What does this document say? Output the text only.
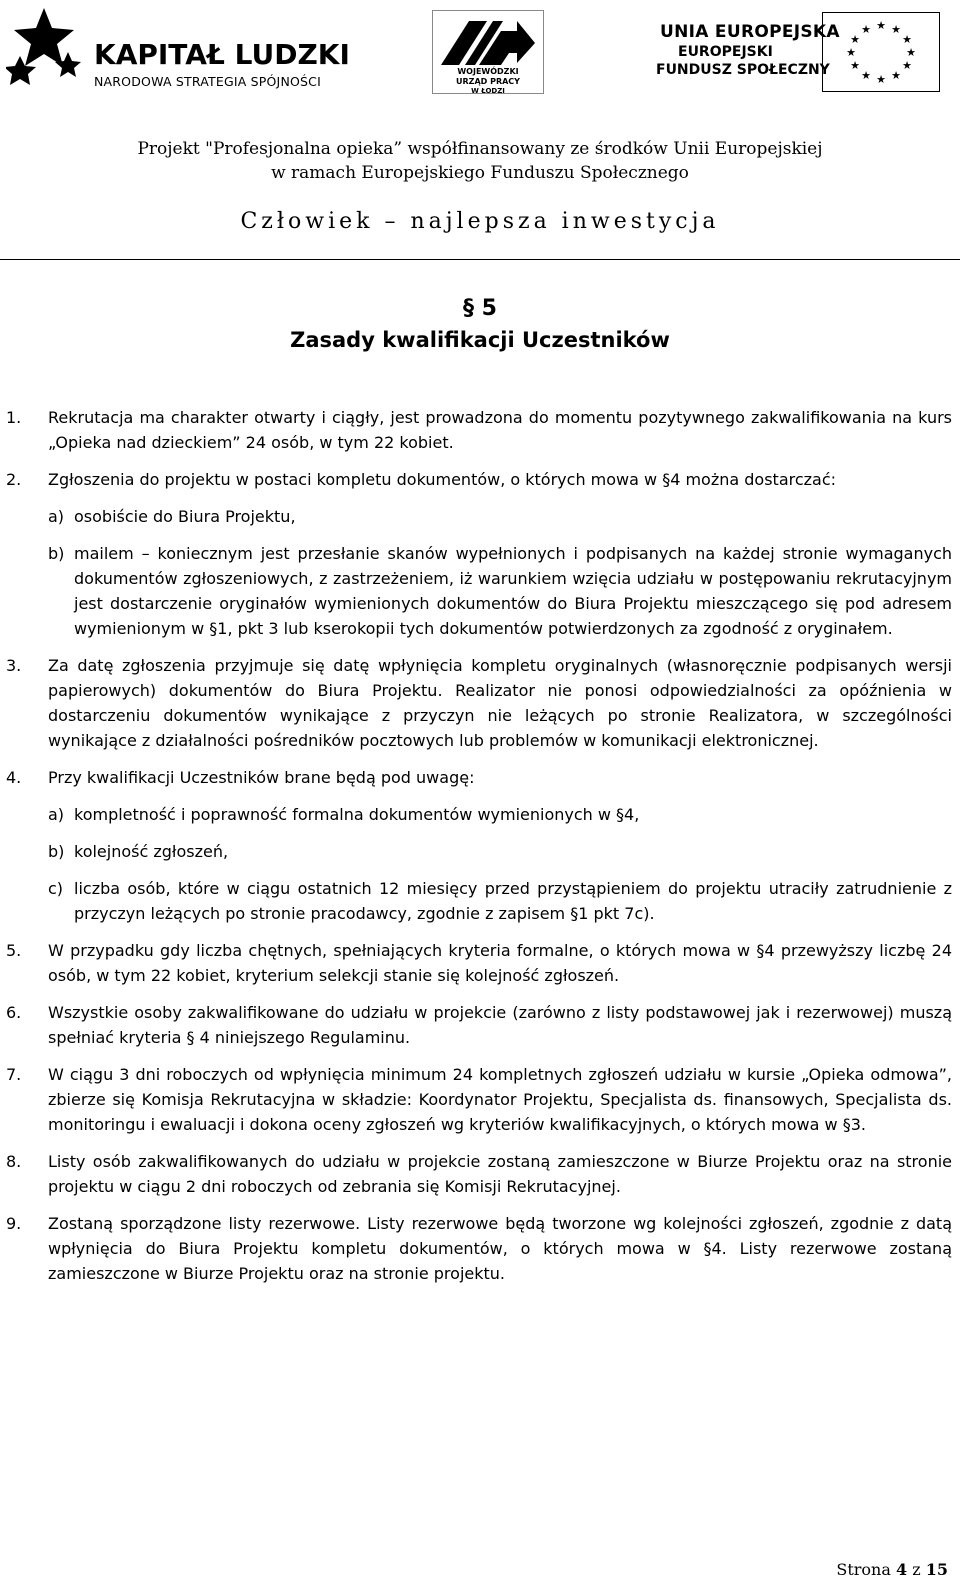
KAPITAŁ LUDZKI
NARODOWA STRATEGIA SPÓJNOŚCI
WOJEWÓDZKI
URZĄD PRACY
W ŁODZI
UNIA EUROPEJSKA
EUROPEJSKI
FUNDUSZ SPOŁECZNY
★ ★
★
★
★
★
★
★
★
★
★
★
Projekt "Profesjonalna opieka” współfinansowany ze środków Unii Europejskiej
w ramach Europejskiego Funduszu Społecznego
Człowiek – najlepsza inwestycja
§ 5
Zasady kwalifikacji Uczestników
1. Rekrutacja ma charakter otwarty i ciągły, jest prowadzona do momentu pozytywnego zakwalifikowania na kurs „Opieka nad dzieckiem” 24 osób, w tym 22 kobiet.
2. Zgłoszenia do projektu w postaci kompletu dokumentów, o których mowa w §4 można dostarczać:
a) osobiście do Biura Projektu,
b) mailem – koniecznym jest przesłanie skanów wypełnionych i podpisanych na każdej stronie wymaganych dokumentów zgłoszeniowych, z zastrzeżeniem, iż warunkiem wzięcia udziału w postępowaniu rekrutacyjnym jest dostarczenie oryginałów wymienionych dokumentów do Biura Projektu mieszczącego się pod adresem wymienionym w §1, pkt 3 lub kserokopii tych dokumentów potwierdzonych za zgodność z oryginałem.
3. Za datę zgłoszenia przyjmuje się datę wpłynięcia kompletu oryginalnych (własnoręcznie podpisanych wersji papierowych) dokumentów do Biura Projektu. Realizator nie ponosi odpowiedzialności za opóźnienia w dostarczeniu dokumentów wynikające z przyczyn nie leżących po stronie Realizatora, w szczególności wynikające z działalności pośredników pocztowych lub problemów w komunikacji elektronicznej.
4. Przy kwalifikacji Uczestników brane będą pod uwagę:
a) kompletność i poprawność formalna dokumentów wymienionych w §4,
b) kolejność zgłoszeń,
c) liczba osób, które w ciągu ostatnich 12 miesięcy przed przystąpieniem do projektu utraciły zatrudnienie z przyczyn leżących po stronie pracodawcy, zgodnie z zapisem §1 pkt 7c).
5. W przypadku gdy liczba chętnych, spełniających kryteria formalne, o których mowa w §4 przewyższy liczbę 24 osób, w tym 22 kobiet, kryterium selekcji stanie się kolejność zgłoszeń.
6. Wszystkie osoby zakwalifikowane do udziału w projekcie (zarówno z listy podstawowej jak i rezerwowej) muszą spełniać kryteria § 4 niniejszego Regulaminu.
7. W ciągu 3 dni roboczych od wpłynięcia minimum 24 kompletnych zgłoszeń udziału w kursie „Opieka odmowa”, zbierze się Komisja Rekrutacyjna w składzie: Koordynator Projektu, Specjalista ds. finansowych, Specjalista ds. monitoringu i ewaluacji i dokona oceny zgłoszeń wg kryteriów kwalifikacyjnych, o których mowa w §3.
8. Listy osób zakwalifikowanych do udziału w projekcie zostaną zamieszczone w Biurze Projektu oraz na stronie projektu w ciągu 2 dni roboczych od zebrania się Komisji Rekrutacyjnej.
9. Zostaną sporządzone listy rezerwowe. Listy rezerwowe będą tworzone wg kolejności zgłoszeń, zgodnie z datą wpłynięcia do Biura Projektu kompletu dokumentów, o których mowa w §4. Listy rezerwowe zostaną zamieszczone w Biurze Projektu oraz na stronie projektu.
Strona 4 z 15
